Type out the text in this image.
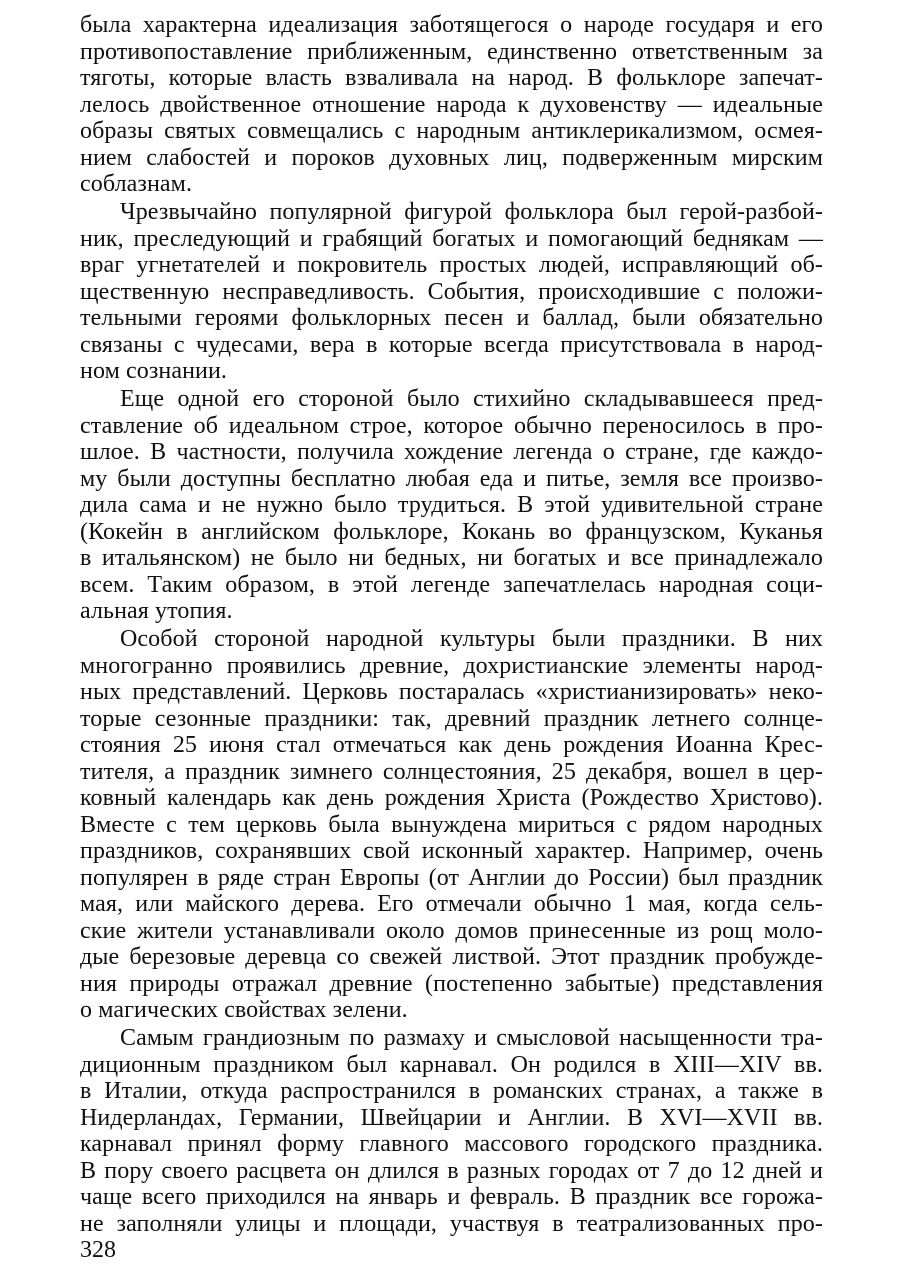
была характерна идеализация заботящегося о народе государя и его
противопоставление приближенным, единственно ответственным за
тяготы, которые власть взваливала на народ. В фольклоре запечат-
лелось двойственное отношение народа к духовенству — идеальные
образы святых совмещались с народным антиклерикализмом, осмея-
нием слабостей и пороков духовных лиц, подверженным мирским
соблазнам.
Чрезвычайно популярной фигурой фольклора был герой-разбой-
ник, преследующий и грабящий богатых и помогающий беднякам —
враг угнетателей и покровитель простых людей, исправляющий об-
щественную несправедливость. События, происходившие с положи-
тельными героями фольклорных песен и баллад, были обязательно
связаны с чудесами, вера в которые всегда присутствовала в народ-
ном сознании.
Еще одной его стороной было стихийно складывавшееся пред-
ставление об идеальном строе, которое обычно переносилось в про-
шлое. В частности, получила хождение легенда о стране, где каждо-
му были доступны бесплатно любая еда и питье, земля все произво-
дила сама и не нужно было трудиться. В этой удивительной стране
(Кокейн в английском фольклоре, Кокань во французском, Куканья
в итальянском) не было ни бедных, ни богатых и все принадлежало
всем. Таким образом, в этой легенде запечатлелась народная соци-
альная утопия.
Особой стороной народной культуры были праздники. В них
многогранно проявились древние, дохристианские элементы народ-
ных представлений. Церковь постаралась «христианизировать» неко-
торые сезонные праздники: так, древний праздник летнего солнце-
стояния 25 июня стал отмечаться как день рождения Иоанна Крес-
тителя, а праздник зимнего солнцестояния, 25 декабря, вошел в цер-
ковный календарь как день рождения Христа (Рождество Христово).
Вместе с тем церковь была вынуждена мириться с рядом народных
праздников, сохранявших свой исконный характер. Например, очень
популярен в ряде стран Европы (от Англии до России) был праздник
мая, или майского дерева. Его отмечали обычно 1 мая, когда сель-
ские жители устанавливали около домов принесенные из рощ моло-
дые березовые деревца со свежей листвой. Этот праздник пробужде-
ния природы отражал древние (постепенно забытые) представления
о магических свойствах зелени.
Самым грандиозным по размаху и смысловой насыщенности тра-
диционным праздником был карнавал. Он родился в XIII—XIV вв.
в Италии, откуда распространился в романских странах, а также в
Нидерландах, Германии, Швейцарии и Англии. В XVI—XVII вв.
карнавал принял форму главного массового городского праздника.
В пору своего расцвета он длился в разных городах от 7 до 12 дней и
чаще всего приходился на январь и февраль. В праздник все горожа-
не заполняли улицы и площади, участвуя в театрализованных про-
328
